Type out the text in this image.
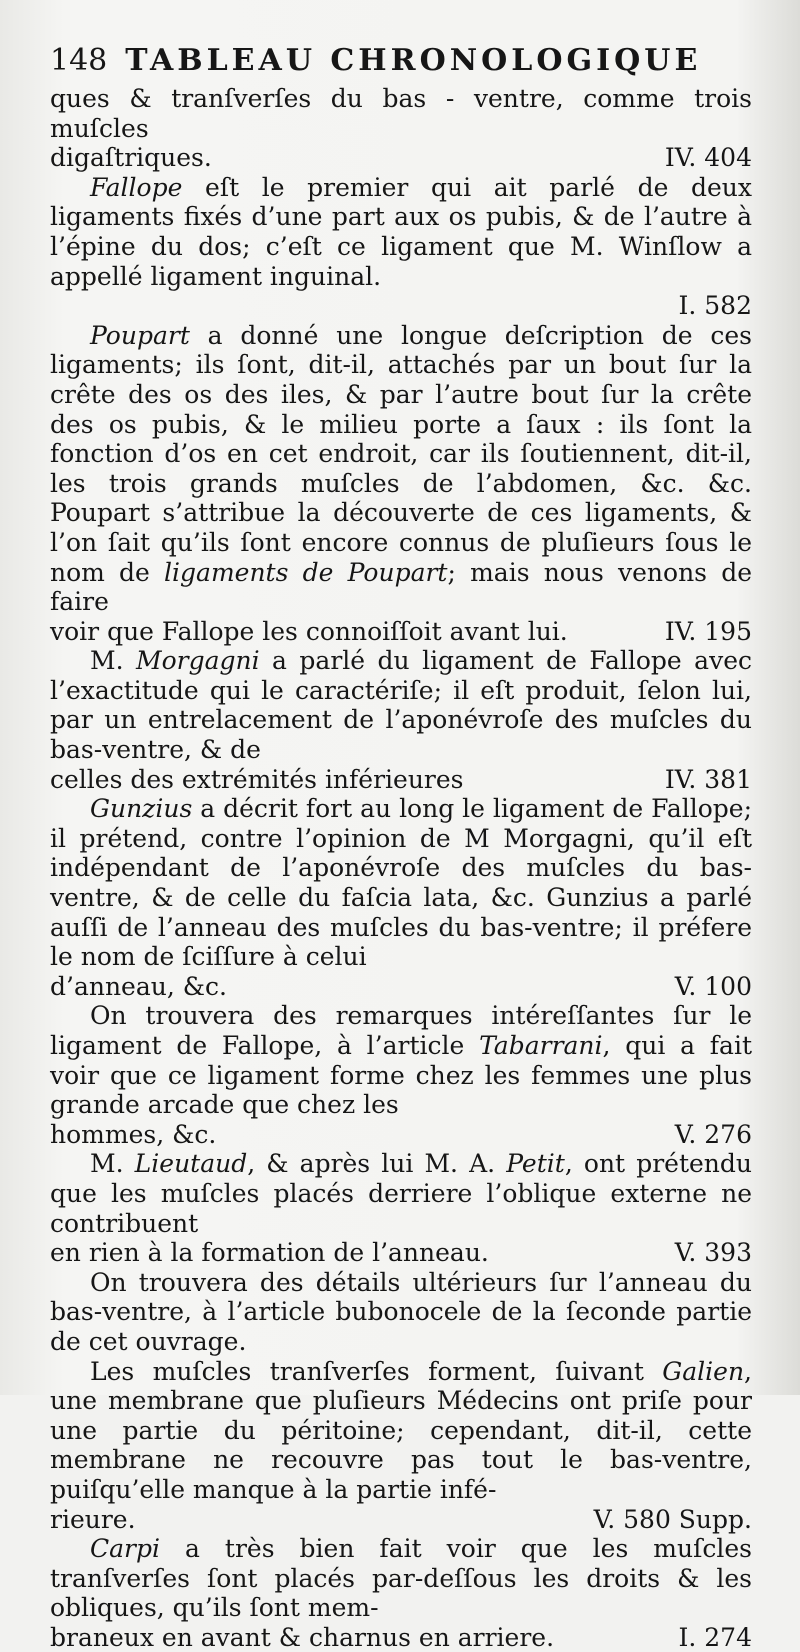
148 TABLEAU CHRONOLOGIQUE

ques & tranſverſes du bas - ventre, comme trois muſcles

digaſtriques.	IV. 404

Fallope eſt le premier qui ait parlé de deux ligaments fixés d’une part aux os pubis, & de l’autre à l’épine du dos; c’eſt ce ligament que M. Winſlow a appellé ligament inguinal.

I. 582

Poupart a donné une longue deſcription de ces ligaments; ils ſont, dit-il, attachés par un bout ſur la crête des os des iles, & par l’autre bout ſur la crête des os pubis, & le milieu porte a ſaux : ils ſont la fonction d’os en cet endroit, car ils ſoutiennent, dit-il, les trois grands muſcles de l’abdomen, &c. &c. Poupart s’attribue la découverte de ces ligaments, & l’on ſait qu’ils ſont encore connus de pluſieurs ſous le nom de ligaments de Poupart; mais nous venons de faire

voir que Fallope les connoiſſoit avant lui.	IV. 195

M. Morgagni a parlé du ligament de Fallope avec l’exactitude qui le caractériſe; il eſt produit, ſelon lui, par un entrelacement de l’aponévroſe des muſcles du bas-ventre, & de

celles des extrémités inférieures	IV. 381

Gunzius a décrit fort au long le ligament de Fallope; il prétend, contre l’opinion de M Morgagni, qu’il eſt indépendant de l’aponévroſe des muſcles du bas-ventre, & de celle du faſcia lata, &c. Gunzius a parlé auſſi de l’anneau des muſcles du bas-ventre; il préfere le nom de ſciſſure à celui

d’anneau, &c.	V. 100

On trouvera des remarques intéreſſantes ſur le ligament de Fallope, à l’article Tabarrani, qui a fait voir que ce ligament forme chez les femmes une plus grande arcade que chez les

hommes, &c.	V. 276

M. Lieutaud, & après lui M. A. Petit, ont prétendu que les muſcles placés derriere l’oblique externe ne contribuent

en rien à la formation de l’anneau.	V. 393

On trouvera des détails ultérieurs ſur l’anneau du bas-ventre, à l’article bubonocele de la ſeconde partie de cet ouvrage.

Les muſcles tranſverſes forment, ſuivant Galien, une membrane que pluſieurs Médecins ont priſe pour une partie du péritoine; cependant, dit-il, cette membrane ne recouvre pas tout le bas-ventre, puiſqu’elle manque à la partie infé-

rieure.	V. 580 Supp.

Carpi a très bien fait voir que les muſcles tranſverſes ſont placés par-deſſous les droits & les obliques, qu’ils ſont mem-

braneux en avant & charnus en arriere.	I. 274
